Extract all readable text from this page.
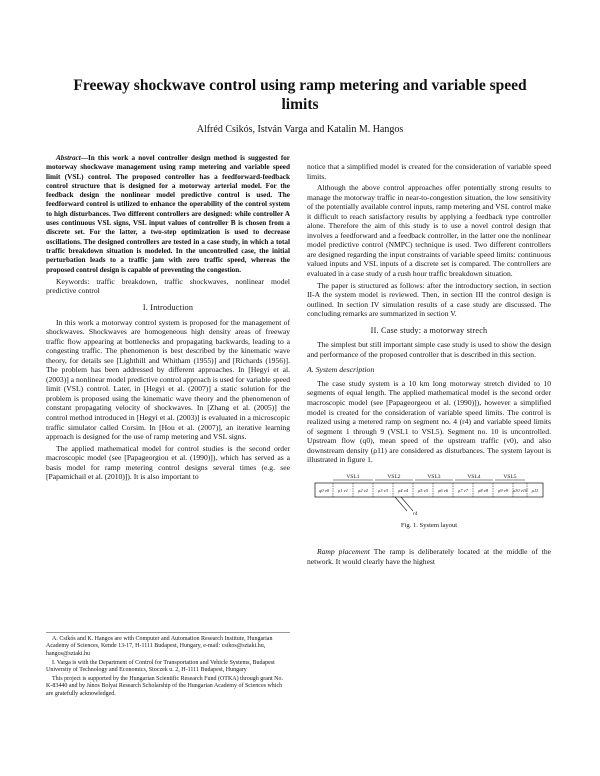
Freeway shockwave control using ramp metering and variable speed limits
Alfréd Csikós, István Varga and Katalin M. Hangos

Abstract—In this work a novel controller design method is suggested for motorway shockwave management using ramp metering and variable speed limit (VSL) control. The proposed controller has a feedforward-feedback control structure that is designed for a motorway arterial model. For the feedback design the nonlinear model predictive control is used. The feedforward control is utilized to enhance the operability of the control system to high disturbances. Two different controllers are designed: while controller A uses continuous VSL signs, VSL input values of controller B is chosen from a discrete set. For the latter, a two-step optimization is used to decrease oscillations. The designed controllers are tested in a case study, in which a total traffic breakdown situation is modeled. In the uncontrolled case, the initial perturbation leads to a traffic jam with zero traffic speed, whereas the proposed control design is capable of preventing the congestion.

Keywords: traffic breakdown, traffic shockwaves, nonlinear model predictive control

I. Introduction

In this work a motorway control system is proposed for the management of shockwaves. Shockwaves are homogeneous high density areas of freeway traffic flow appearing at bottlenecks and propagating backwards, leading to a congesting traffic. The phenomenon is best described by the kinematic wave theory, for details see [Lighthill and Whitham (1955)] and [Richards (1956)]. The problem has been addressed by different approaches. In [Hegyi et al. (2003)] a nonlinear model predictive control approach is used for variable speed limit (VSL) control. Later, in [Hegyi et al. (2007)] a static solution for the problem is proposed using the kinematic wave theory and the phenomenon of constant propagating velocity of shockwaves. In [Zhang et al. (2005)] the control method introduced in [Hegyi et al. (2003)] is evaluated in a microscopic traffic simulator called Corsim. In [Hou et al. (2007)], an iterative learning approach is designed for the use of ramp metering and VSL signs.

The applied mathematical model for control studies is the second order macroscopic model (see [Papageorgiou et al. (1990)]), which has served as a basis model for ramp metering control designs several times (e.g. see [Papamichail et al. (2010)]). It is also important to

A. Csikós and K. Hangos are with Computer and Automation Research Institute, Hungarian Academy of Sciences, Kende 13-17, H-1111 Budapest, Hungary, e-mail: csikos@sztaki.hu, hangos@sztaki.hu

I. Varga is with the Department of Control for Transportation and Vehicle Systems, Budapest University of Technology and Economics, Stoczek u. 2, H-1111 Budapest, Hungary

This project is supported by the Hungarian Scientific Research Fund (OTKA) through grant No. K-83440 and by János Bolyai Research Scholarship of the Hungarian Academy of Sciences which are gratefully acknowledged.

notice that a simplified model is created for the consideration of variable speed limits.

Although the above control approaches offer potentially strong results to manage the motorway traffic in near-to-congestion situation, the low sensitivity of the potentially available control inputs, ramp metering and VSL control make it difficult to reach satisfactory results by applying a feedback type controller alone. Therefore the aim of this study is to use a novel control design that involves a feedforward and a feedback controller, in the latter one the nonlinear model predictive control (NMPC) technique is used. Two different controllers are designed regarding the input constraints of variable speed limits: continuous valued inputs and VSL inputs of a discrete set is compared. The controllers are evaluated in a case study of a rush hour traffic breakdown situation.

The paper is structured as follows: after the introductory section, in section II-A the system model is reviewed. Then, in section III the control design is outlined. In section IV simulation results of a case study are discussed. The concluding remarks are summarized in section V.

II. Case study: a motorway strech

The simplest but still important simple case study is used to show the design and performance of the proposed controller that is described in this section.

A. System description

The case study system is a 10 km long motorway stretch divided to 10 segments of equal length. The applied mathematical model is the second order macroscopic model (see [Papageorgeou et al. (1990)]), however a simplified model is created for the consideration of variable speed limits. The control is realized using a metered ramp on segment no. 4 (r4) and variable speed limits of segment 1 through 9 (VSL1 to VSL5). Segment no. 10 is uncontrolled. Upstream flow (q0), mean speed of the upstream traffic (v0), and also downstream density (ρ11) are considered as disturbances. The system layout is illustrated in figure 1.

VSL1	VSL2	VSL3	VSL4	VSL5
q0 v0 ρ1 v1 ρ2 v2 ρ3 v3 ρ4 v4 ρ5 v5 ρ6 v6 ρ7 v7 ρ8 v8 ρ9 v9 ρ10 v10 ρ11
r4
Fig. 1. System layout

Ramp placement The ramp is deliberately located at the middle of the network. It would clearly have the highest
